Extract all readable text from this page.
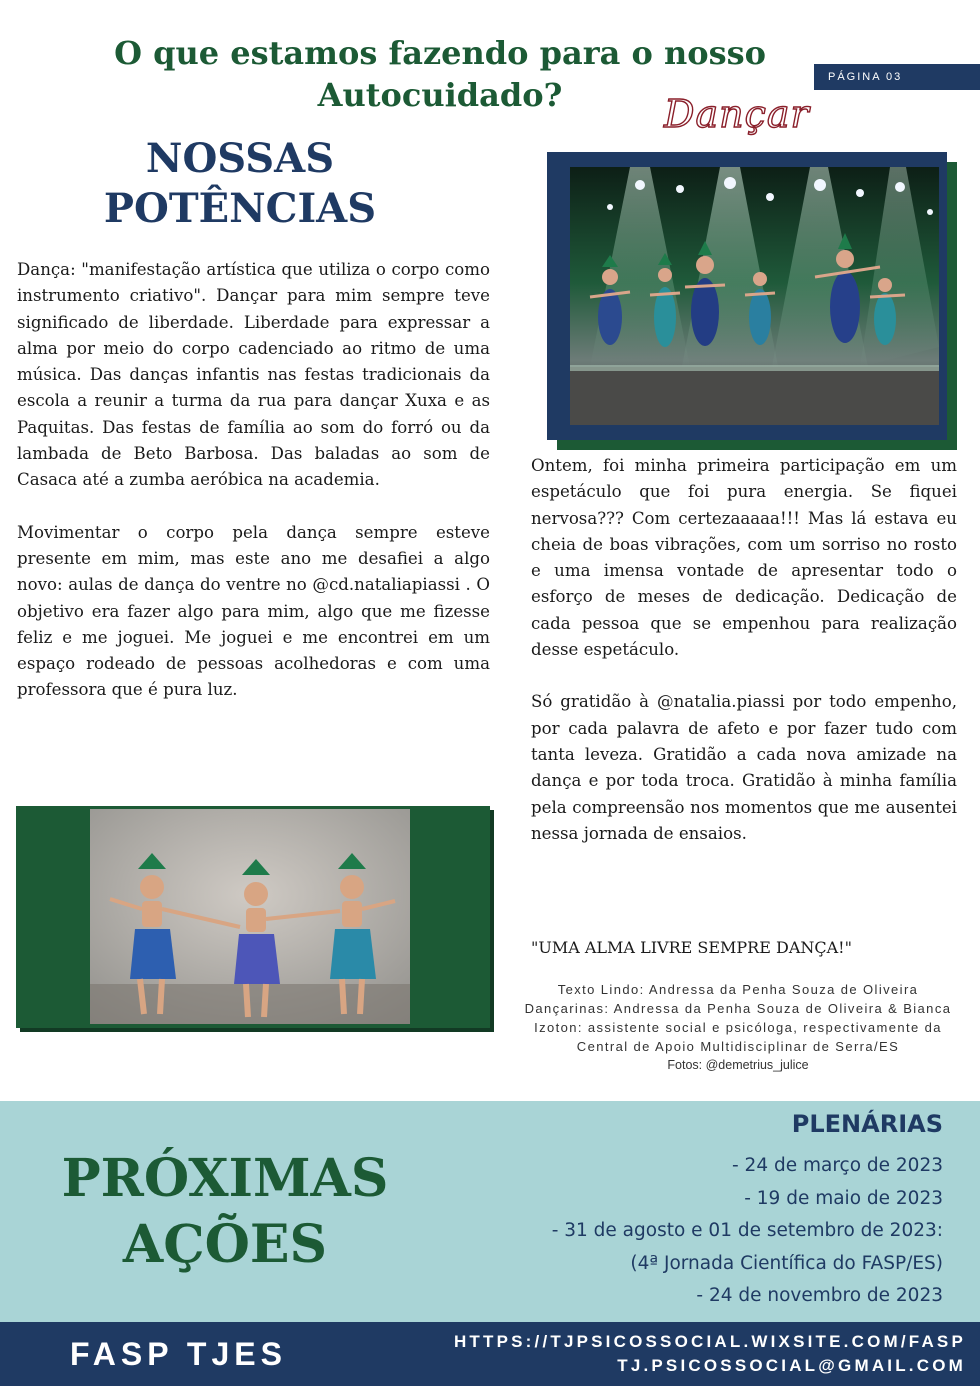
O que estamos fazendo para o nosso Autocuidado?	PÁGINA 03
Dançar
NOSSAS POTÊNCIAS

Dança: "manifestação artística que utiliza o corpo como instrumento criativo". Dançar para mim sempre teve significado de liberdade. Liberdade para expressar a alma por meio do corpo cadenciado ao ritmo de uma música. Das danças infantis nas festas tradicionais da escola a reunir a turma da rua para dançar Xuxa e as Paquitas. Das festas de família ao som do forró ou da lambada de Beto Barbosa. Das baladas ao som de Casaca até a zumba aeróbica na academia.

Movimentar o corpo pela dança sempre esteve presente em mim, mas este ano me desafiei a algo novo: aulas de dança do ventre no @cd.nataliapiassi . O objetivo era fazer algo para mim, algo que me fizesse feliz e me joguei. Me joguei e me encontrei em um espaço rodeado de pessoas acolhedoras e com uma professora que é pura luz.

Ontem, foi minha primeira participação em um espetáculo que foi pura energia. Se fiquei nervosa??? Com certezaaaaa!!! Mas lá estava eu cheia de boas vibrações, com um sorriso no rosto e uma imensa vontade de apresentar todo o esforço de meses de dedicação. Dedicação de cada pessoa que se empenhou para realização desse espetáculo.

Só gratidão à @natalia.piassi por todo empenho, por cada palavra de afeto e por fazer tudo com tanta leveza. Gratidão a cada nova amizade na dança e por toda troca. Gratidão à minha família pela compreensão nos momentos que me ausentei nessa jornada de ensaios.

"UMA ALMA LIVRE SEMPRE DANÇA!"
Texto Lindo: Andressa da Penha Souza de Oliveira
Dançarinas: Andressa da Penha Souza de Oliveira & Bianca Izoton: assistente social e psicóloga, respectivamente da Central de Apoio Multidisciplinar de Serra/ES
Fotos: @demetrius_julice
PRÓXIMAS AÇÕES
PLENÁRIAS
- 24 de março de 2023
- 19 de maio de 2023
- 31 de agosto e 01 de setembro de 2023:
(4ª Jornada Científica do FASP/ES)
- 24 de novembro de 2023
FASP TJES	HTTPS://TJPSICOSSOCIAL.WIXSITE.COM/FASP
TJ.PSICOSSOCIAL@GMAIL.COM
